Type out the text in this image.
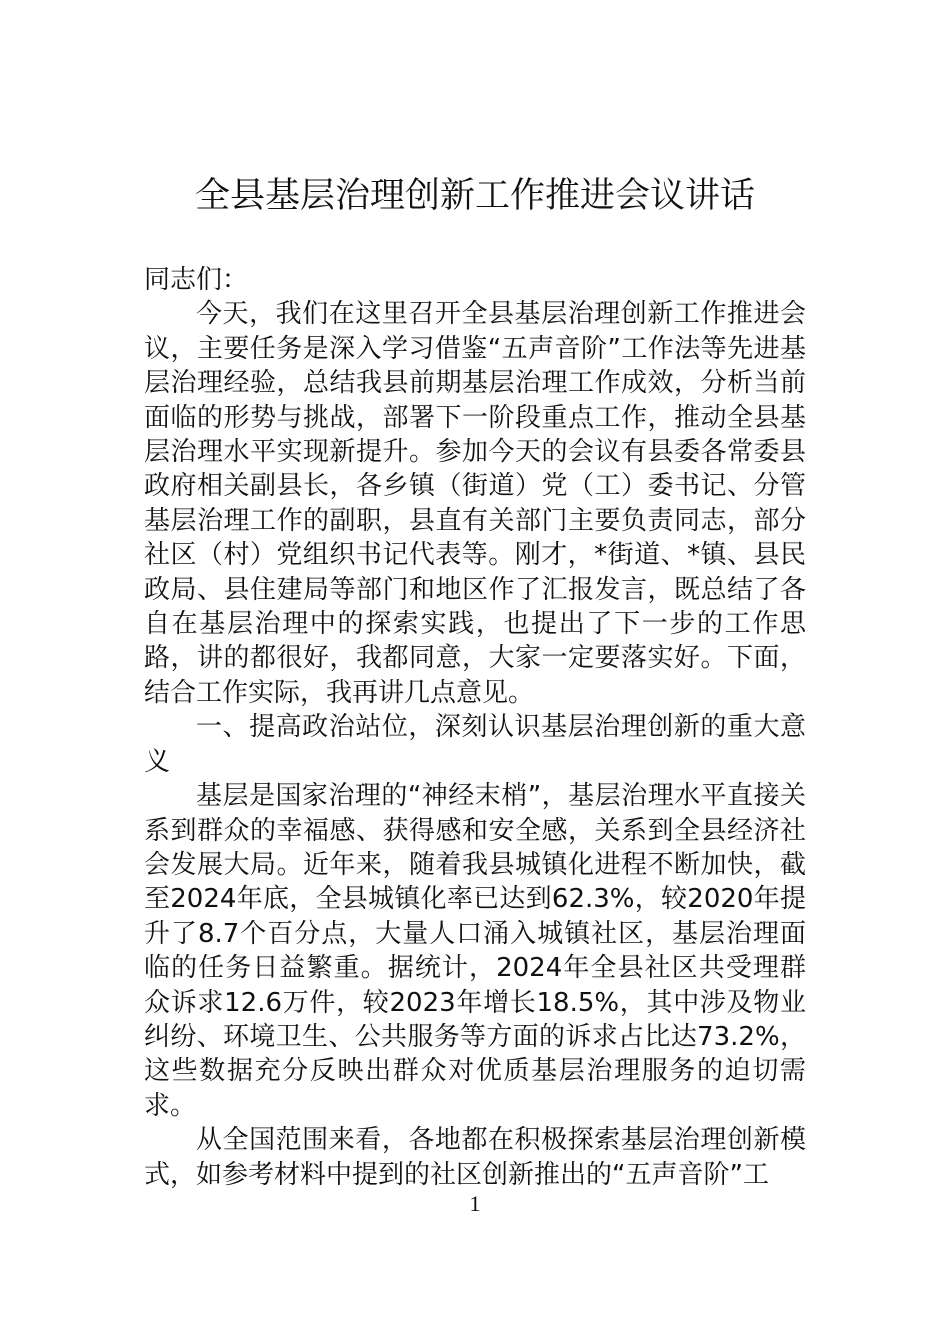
全县基层治理创新工作推进会议讲话

同志们：

今天，我们在这里召开全县基层治理创新工作推进会议，主要任务是深入学习借鉴“五声音阶”工作法等先进基层治理经验，总结我县前期基层治理工作成效，分析当前面临的形势与挑战，部署下一阶段重点工作，推动全县基层治理水平实现新提升。参加今天的会议有县委各常委县政府相关副县长，各乡镇（街道）党（工）委书记、分管基层治理工作的副职，县直有关部门主要负责同志，部分社区（村）党组织书记代表等。刚才，*街道、*镇、县民政局、县住建局等部门和地区作了汇报发言，既总结了各自在基层治理中的探索实践，也提出了下一步的工作思路，讲的都很好，我都同意，大家一定要落实好。下面，结合工作实际，我再讲几点意见。

一、提高政治站位，深刻认识基层治理创新的重大意义

基层是国家治理的“神经末梢”，基层治理水平直接关系到群众的幸福感、获得感和安全感，关系到全县经济社会发展大局。近年来，随着我县城镇化进程不断加快，截至2024年底，全县城镇化率已达到62.3%，较2020年提升了8.7个百分点，大量人口涌入城镇社区，基层治理面临的任务日益繁重。据统计，2024年全县社区共受理群众诉求12.6万件，较2023年增长18.5%，其中涉及物业纠纷、环境卫生、公共服务等方面的诉求占比达73.2%，这些数据充分反映出群众对优质基层治理服务的迫切需求。

从全国范围来看，各地都在积极探索基层治理创新模式，如参考材料中提到的社区创新推出的“五声音阶”工

1
